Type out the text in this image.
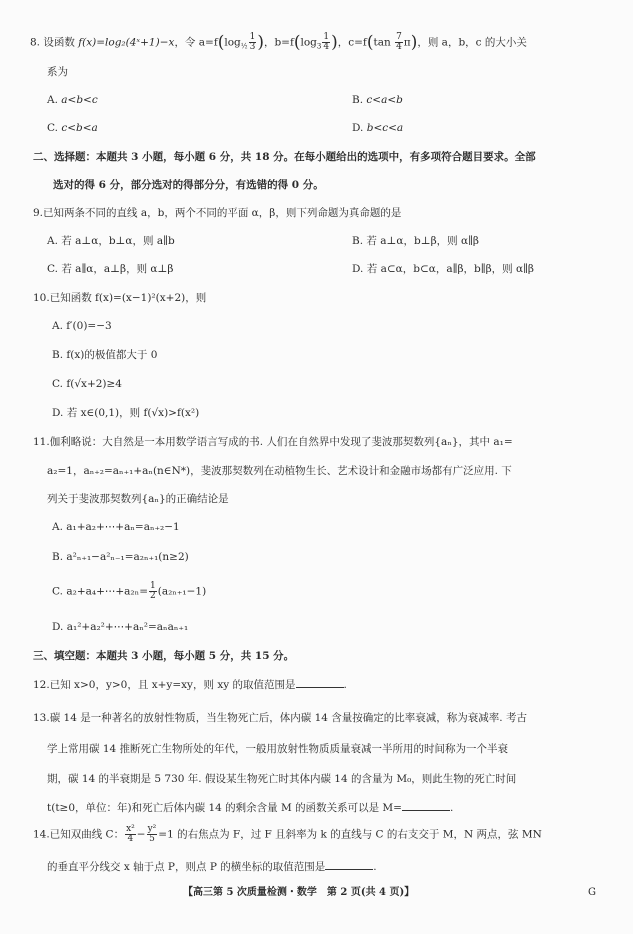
8. 设函数 f(x)=log₂(4ˣ+1)−x，令 $a=f(\log_{\frac{1}{2}} \frac{1}{3}$ )，$b=f(\log_3 \frac{1}{4}$ )，$c=f(\tan \frac{7}{4} \pi)$，则 a，b，c 的大小关
系为
A. a<b<c	B. c<a<b
C. c<b<a	D. b<c<a
二、选择题：本题共 3 小题，每小题 6 分，共 18 分。在每小题给出的选项中，有多项符合题目要求。全部
选对的得 6 分，部分选对的得部分分，有选错的得 0 分。
9.已知两条不同的直线 a，b，两个不同的平面 α，β，则下列命题为真命题的是
A. 若 a⊥α，b⊥α，则 a∥b	B. 若 a⊥α，b⊥β，则 α∥β
C. 若 a∥α，a⊥β，则 α⊥β	D. 若 a⊂α，b⊂α，a∥β，b∥β，则 α∥β
10.已知函数 f(x)=(x−1)²(x+2)，则
A. f′(0)=−3
B. f(x)的极值都大于 0
C. f(√x+2)≥4
D. 若 x∈(0,1)，则 f(√x)>f(x²)
11.伽利略说：大自然是一本用数学语言写成的书. 人们在自然界中发现了斐波那契数列{aₙ}，其中 a₁=
a₂=1，aₙ₊₂=aₙ₊₁+aₙ(n∈N*)，斐波那契数列在动植物生长、艺术设计和金融市场都有广泛应用. 下
列关于斐波那契数列{aₙ}的正确结论是
A. a₁+a₂+⋯+aₙ=aₙ₊₂−1
B. a²ₙ₊₁−a²ₙ₋₁=a₂ₙ₊₁(n≥2)
C. a₂+a₄+⋯+a₂ₙ= $\frac{1}{2} (a_{2n+1}-1)$
D. a₁²+a₂²+⋯+aₙ²=aₙaₙ₊₁
三、填空题：本题共 3 小题，每小题 5 分，共 15 分。
12.已知 x>0，y>0，且 x+y=xy，则 xy 的取值范围是	.
13.碳 14 是一种著名的放射性物质，当生物死亡后，体内碳 14 含量按确定的比率衰减，称为衰减率. 考古
学上常用碳 14 推断死亡生物所处的年代，一般用放射性物质质量衰减一半所用的时间称为一个半衰
期，碳 14 的半衰期是 5 730 年. 假设某生物死亡时其体内碳 14 的含量为 M₀，则此生物的死亡时间
t(t≥0，单位：年)和死亡后体内碳 14 的剩余含量 M 的函数关系可以是 M=	.
14.已知双曲线 C： $\frac{\text{x²}}{4} - \frac{\text{y²}}{5} =1$ 的右焦点为 F，过 F 且斜率为 k 的直线与 C 的右支交于 M，N 两点，弦 MN
的垂直平分线交 x 轴于点 P，则点 P 的横坐标的取值范围是	.
【高三第 5 次质量检测・数学　第 2 页(共 4 页)】	G
